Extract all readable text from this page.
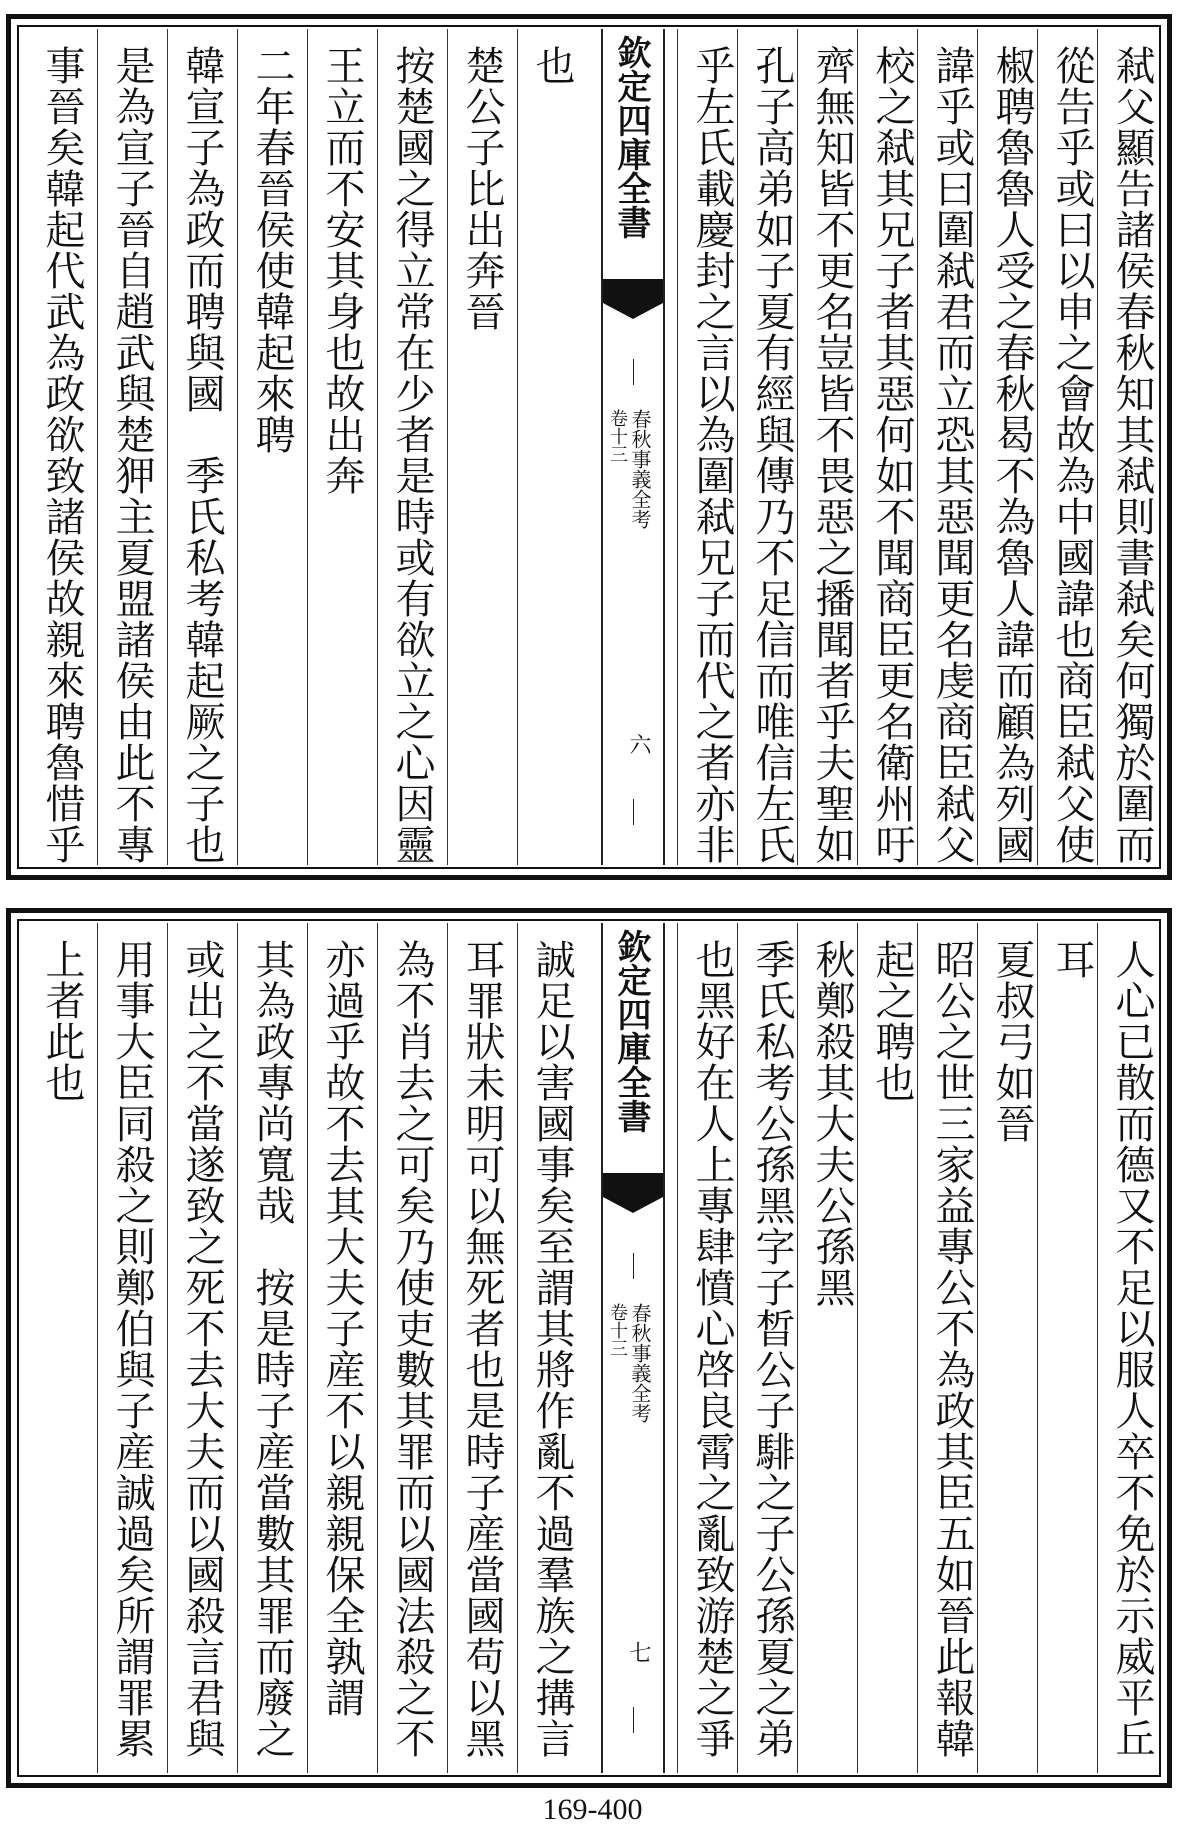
弒父顯告諸侯春秋知其弒則書弒矣何獨於圍而
從告乎或曰以申之會故為中國諱也商臣弒父使
椒聘魯魯人受之春秋曷不為魯人諱而顧為列國
諱乎或曰圍弒君而立恐其惡聞更名虔商臣弒父
校之弒其兄子者其惡何如不聞商臣更名衛州吁
齊無知皆不更名豈皆不畏惡之播聞者乎夫聖如
孔子高弟如子夏有經與傳乃不足信而唯信左氏
乎左氏載慶封之言以為圍弒兄子而代之者亦非
欽定四庫全書
春秋事義全考
卷十三
六
也
楚公子比出奔晉
按楚國之得立常在少者是時或有欲立之心因靈
王立而不安其身也故出奔
二年春晉侯使韓起來聘
韓宣子為政而聘與國　季氏私考韓起厥之子也
是為宣子晉自趙武與楚狎主夏盟諸侯由此不專
事晉矣韓起代武為政欲致諸侯故親來聘魯惜乎
人心已散而德又不足以服人卒不免於示威平丘
耳
夏叔弓如晉
昭公之世三家益專公不為政其臣五如晉此報韓
起之聘也
秋鄭殺其大夫公孫黑
季氏私考公孫黑字子晳公子騑之子公孫夏之弟
也黑好在人上專肆憤心啓良霄之亂致游楚之爭
欽定四庫全書
春秋事義全考
卷十三
七
誠足以害國事矣至謂其將作亂不過羣族之搆言
耳罪狀未明可以無死者也是時子産當國苟以黑
為不肖去之可矣乃使吏數其罪而以國法殺之不
亦過乎故不去其大夫子産不以親親保全孰謂
其為政專尚寬哉　按是時子産當數其罪而廢之
或出之不當遂致之死不去大夫而以國殺言君與
用事大臣同殺之則鄭伯與子産誠過矣所謂罪累
上者此也
169-400
